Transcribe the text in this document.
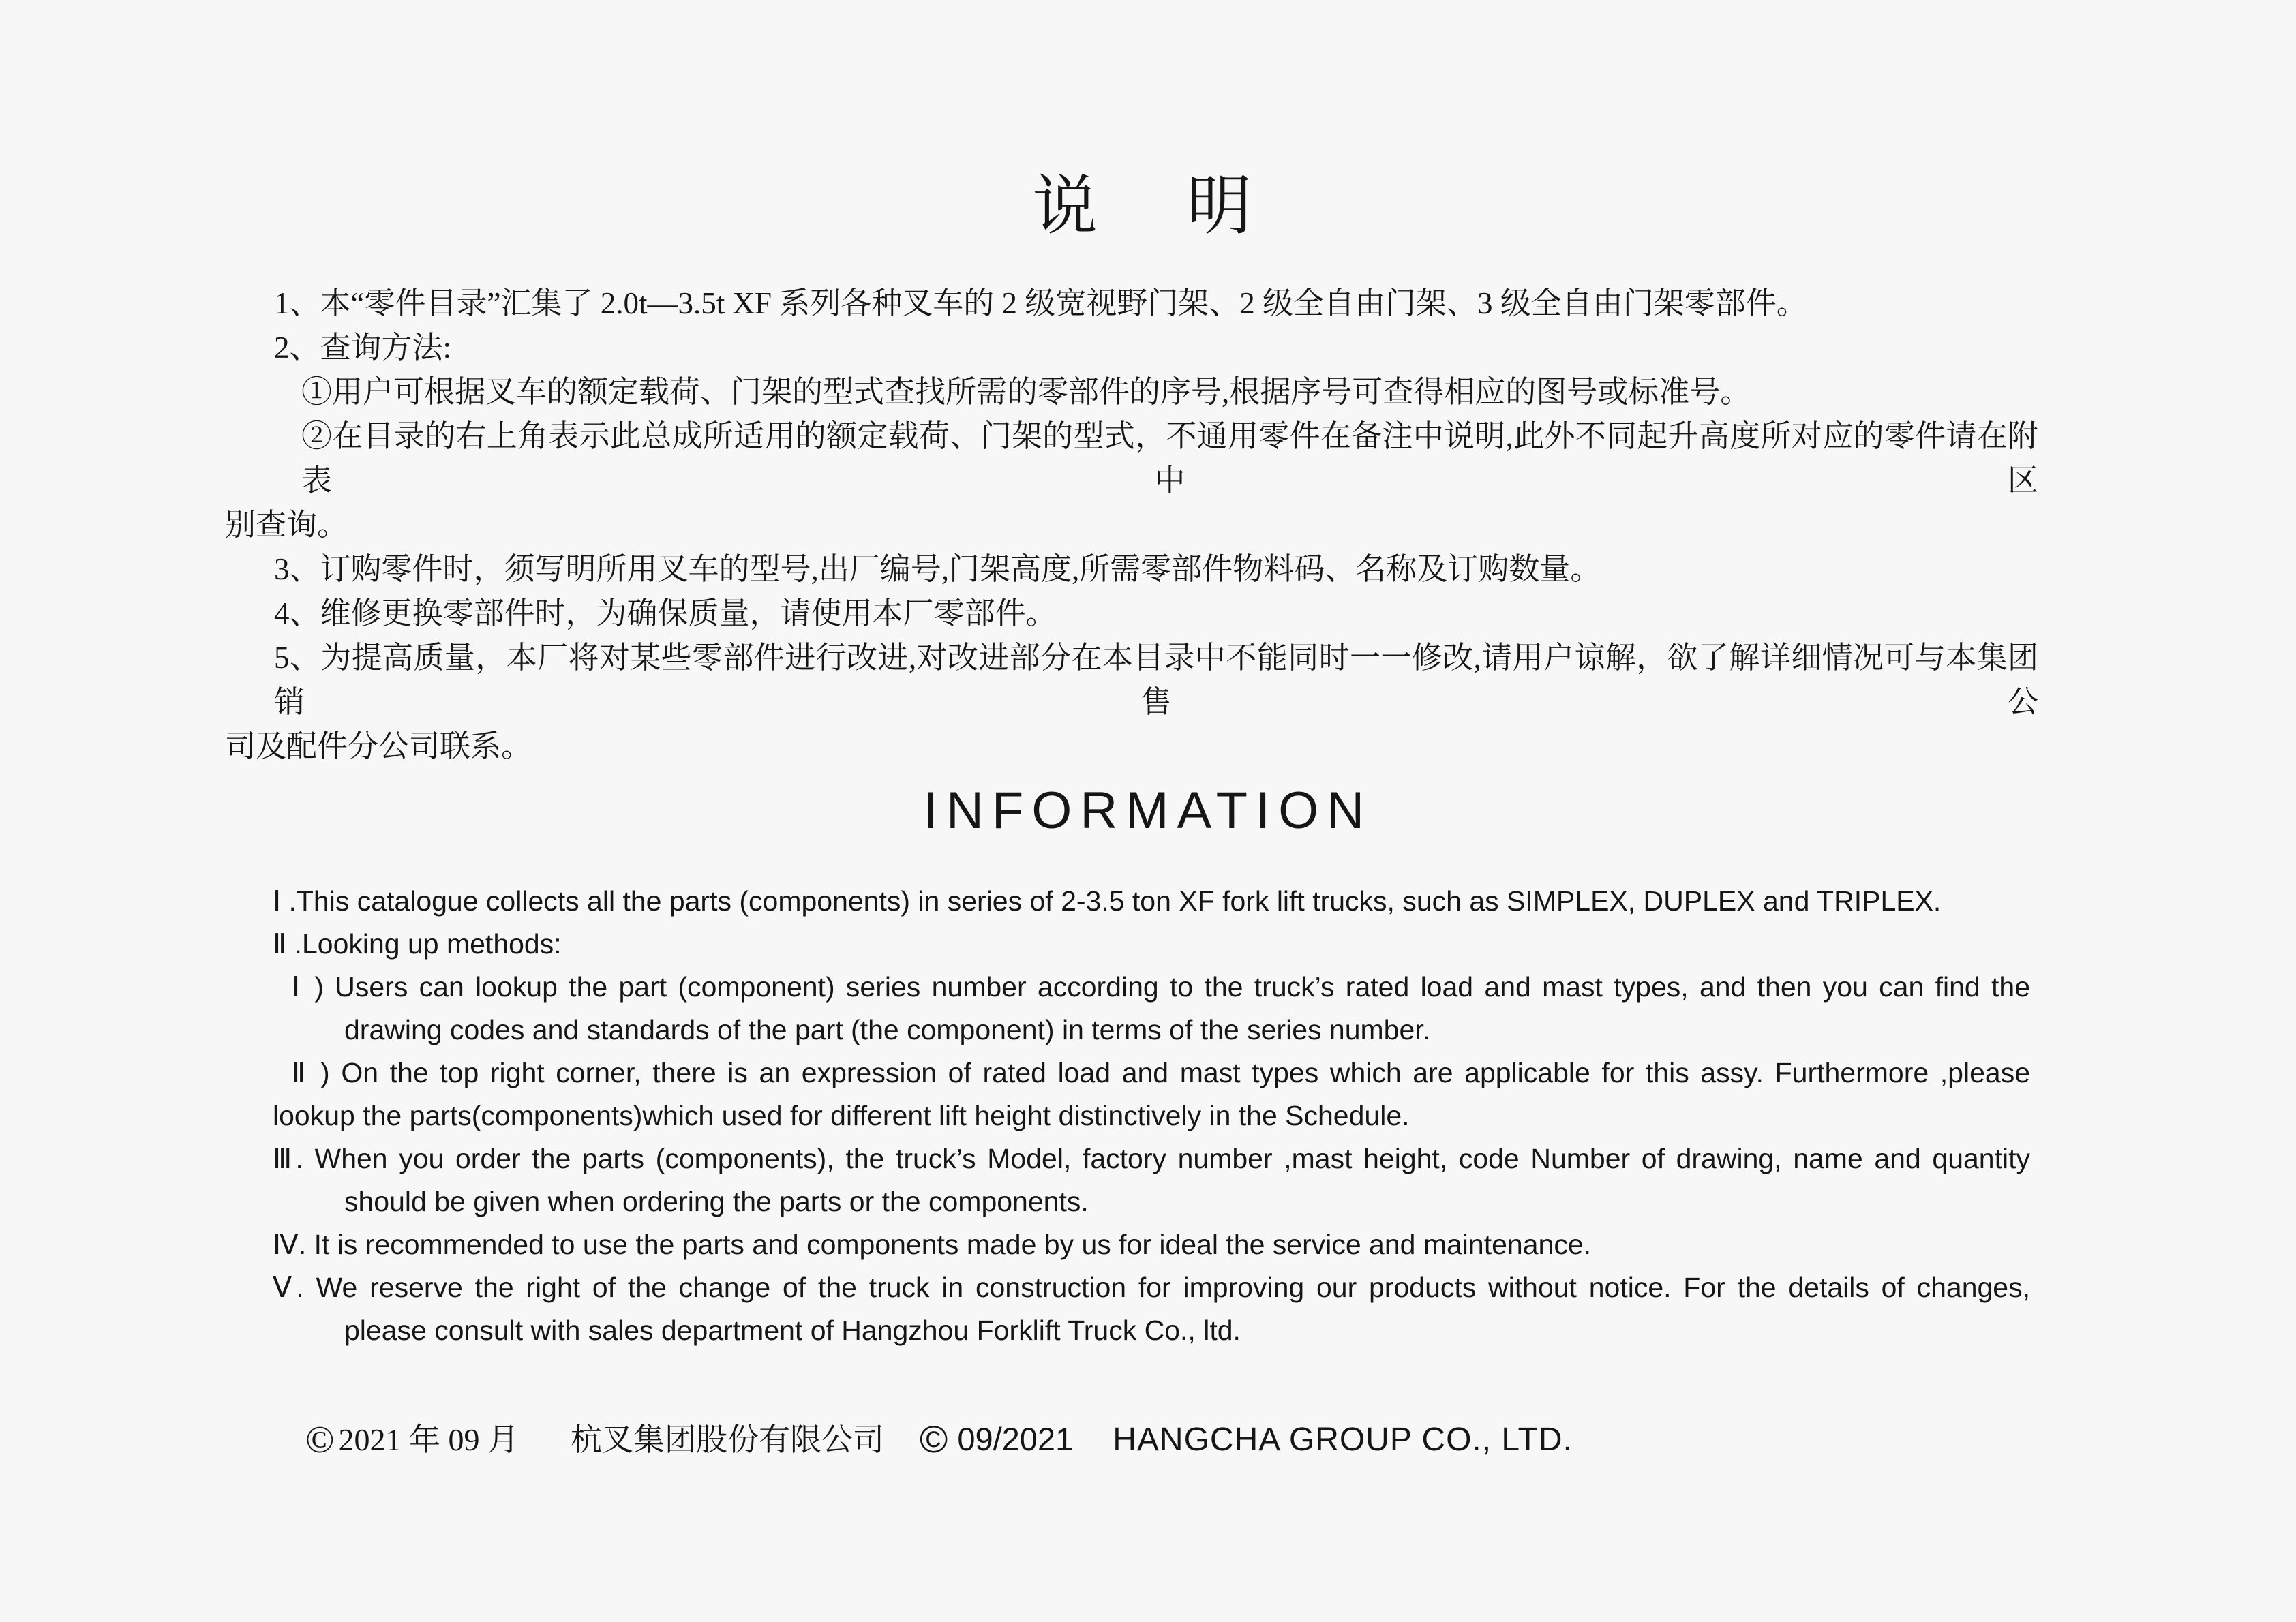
说　明

1、本“零件目录”汇集了 2.0t—3.5t XF 系列各种叉车的 2 级宽视野门架、2 级全自由门架、3 级全自由门架零部件。

2、查询方法:

①用户可根据叉车的额定载荷、门架的型式查找所需的零部件的序号,根据序号可查得相应的图号或标准号。

②在目录的右上角表示此总成所适用的额定载荷、门架的型式，不通用零件在备注中说明,此外不同起升高度所对应的零件请在附表中区

别查询。

3、订购零件时，须写明所用叉车的型号,出厂编号,门架高度,所需零部件物料码、名称及订购数量。

4、维修更换零部件时，为确保质量，请使用本厂零部件。

5、为提高质量，本厂将对某些零部件进行改进,对改进部分在本目录中不能同时一一修改,请用户谅解，欲了解详细情况可与本集团销售公

司及配件分公司联系。

INFORMATION

Ⅰ .This catalogue collects all the parts (components) in series of 2-3.5 ton XF fork lift trucks, such as SIMPLEX, DUPLEX and TRIPLEX.

Ⅱ .Looking up methods:

Ⅰ ) Users can lookup the part (component) series number according to the truck’s rated load and mast types, and then you can find the

drawing codes and standards of the part (the component) in terms of the series number.

Ⅱ ) On the top right corner, there is an expression of rated load and mast types which are applicable for this assy. Furthermore ,please

lookup the parts(components)which used for different lift height distinctively in the Schedule.

Ⅲ. When you order the parts (components), the truck’s Model, factory number ,mast height, code Number of drawing, name and quantity

should be given when ordering the parts or the components.

Ⅳ. It is recommended to use the parts and components made by us for ideal the service and maintenance.

Ⅴ. We reserve the right of the change of the truck in construction for improving our products without notice. For the details of changes,

please consult with sales department of Hangzhou Forklift Truck Co., ltd.

© 2021 年 09 月 杭叉集团股份有限公司 © 09/2021 HANGCHA GROUP CO., LTD.
